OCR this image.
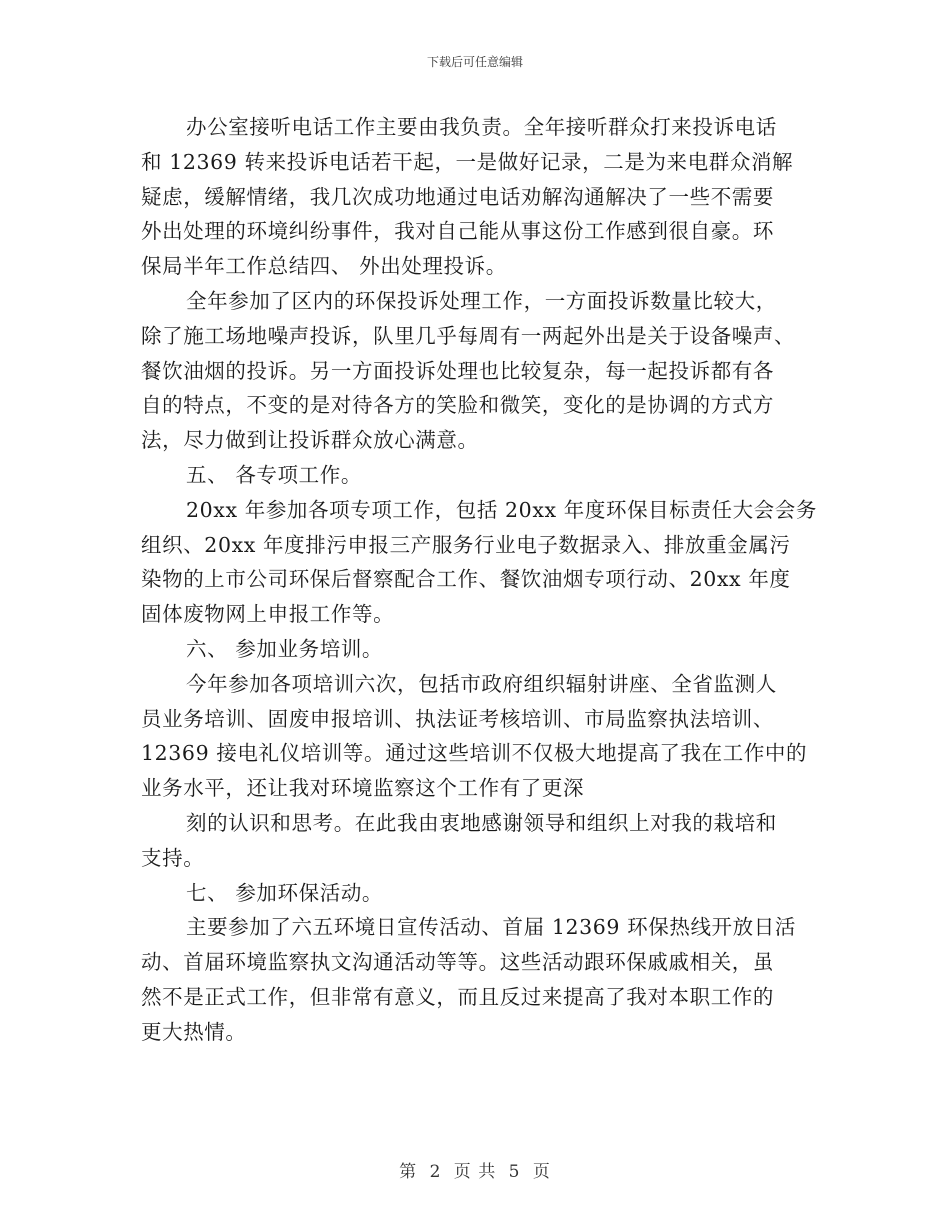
下载后可任意编辑
办公室接听电话工作主要由我负责。全年接听群众打来投诉电话
和 12369 转来投诉电话若干起，一是做好记录，二是为来电群众消解
疑虑，缓解情绪，我几次成功地通过电话劝解沟通解决了一些不需要
外出处理的环境纠纷事件，我对自己能从事这份工作感到很自豪。环
保局半年工作总结四、 外出处理投诉。
全年参加了区内的环保投诉处理工作，一方面投诉数量比较大，
除了施工场地噪声投诉，队里几乎每周有一两起外出是关于设备噪声、
餐饮油烟的投诉。另一方面投诉处理也比较复杂，每一起投诉都有各
自的特点，不变的是对待各方的笑脸和微笑，变化的是协调的方式方
法，尽力做到让投诉群众放心满意。
五、 各专项工作。
20xx 年参加各项专项工作，包括 20xx 年度环保目标责任大会会务
组织、20xx 年度排污申报三产服务行业电子数据录入、排放重金属污
染物的上市公司环保后督察配合工作、餐饮油烟专项行动、20xx 年度
固体废物网上申报工作等。
六、 参加业务培训。
今年参加各项培训六次，包括市政府组织辐射讲座、全省监测人
员业务培训、固废申报培训、执法证考核培训、市局监察执法培训、
12369 接电礼仪培训等。通过这些培训不仅极大地提高了我在工作中的
业务水平，还让我对环境监察这个工作有了更深
刻的认识和思考。在此我由衷地感谢领导和组织上对我的栽培和
支持。
七、 参加环保活动。
主要参加了六五环境日宣传活动、首届 12369 环保热线开放日活
动、首届环境监察执文沟通活动等等。这些活动跟环保戚戚相关，虽
然不是正式工作，但非常有意义，而且反过来提高了我对本职工作的
更大热情。
第 2 页 共 5 页
